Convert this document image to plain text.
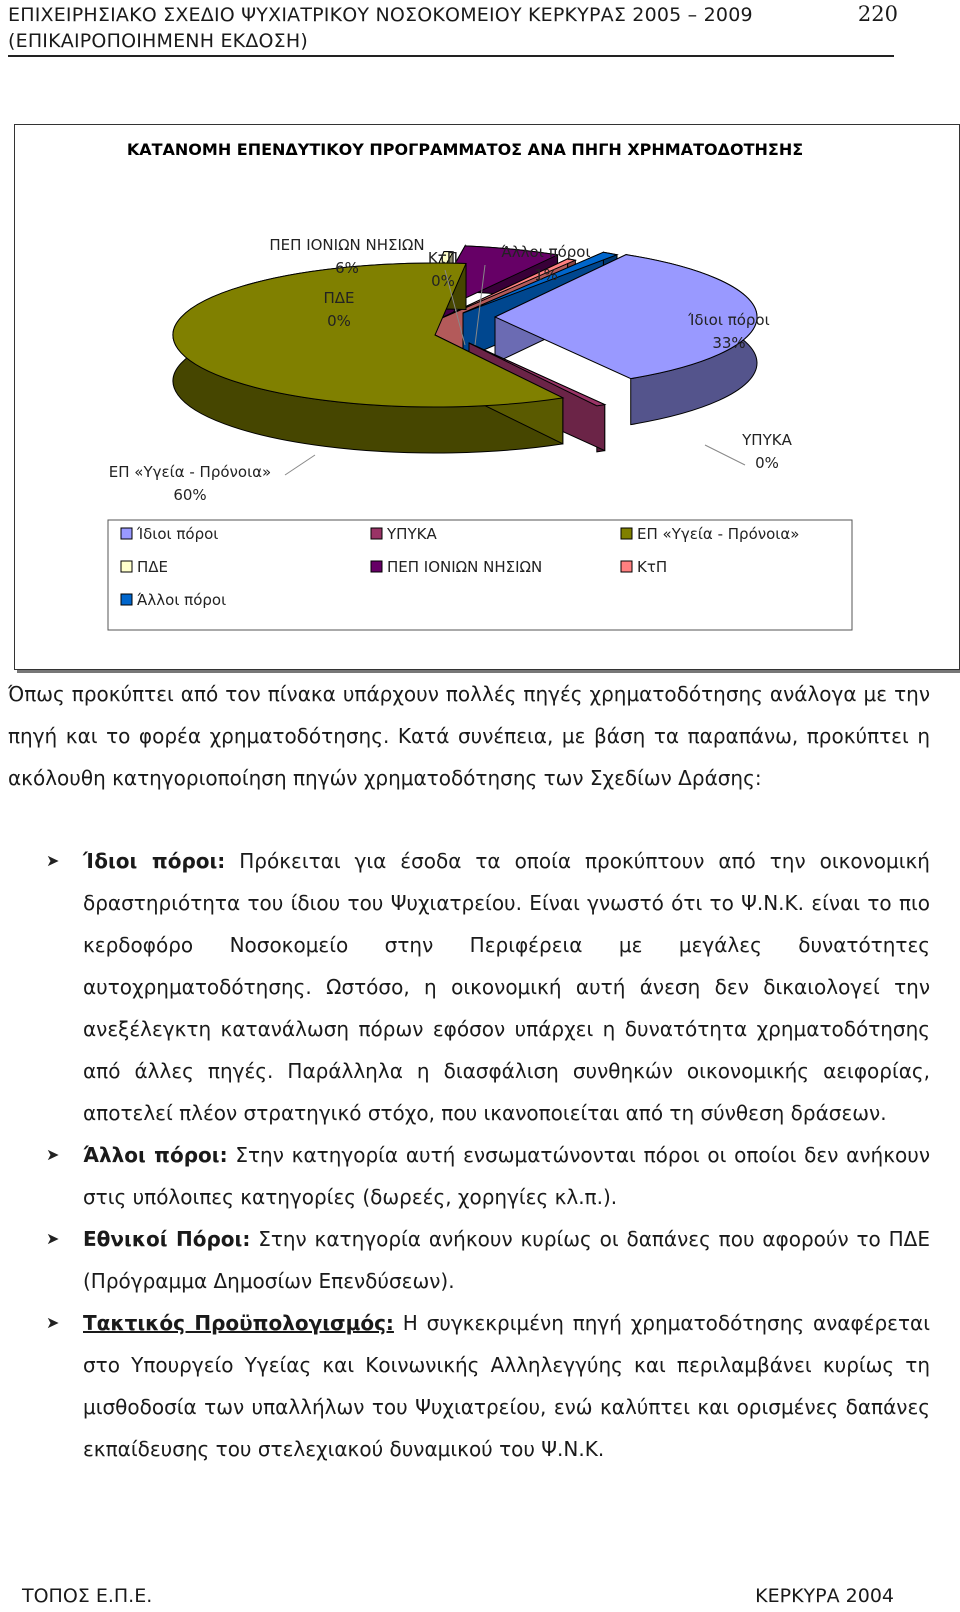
ΕΠΙΧΕΙΡΗΣΙΑΚΟ ΣΧΕΔΙΟ ΨΥΧΙΑΤΡΙΚΟΥ ΝΟΣΟΚΟΜΕΙΟΥ ΚΕΡΚΥΡΑΣ 2005 – 2009 (ΕΠΙΚΑΙΡΟΠΟΙΗΜΕΝΗ ΕΚΔΟΣΗ)
220
ΚΑΤΑΝΟΜΗ ΕΠΕΝΔΥΤΙΚΟΥ ΠΡΟΓΡΑΜΜΑΤΟΣ ΑΝΑ ΠΗΓΗ ΧΡΗΜΑΤΟΔΟΤΗΣΗΣ
Ίδιοι πόροι
33%
ΥΠΥΚΑ
0%
ΕΠ «Υγεία - Πρόνοια»
60%
ΠΔΕ
0%
ΠΕΠ ΙΟΝΙΩΝ ΝΗΣΙΩΝ
6%
ΚτΠ
0%
Άλλοι πόροι
1%
Ίδιοι πόροι	ΥΠΥΚΑ	ΕΠ «Υγεία - Πρόνοια»
ΠΔΕ	ΠΕΠ ΙΟΝΙΩΝ ΝΗΣΙΩΝ	ΚτΠ
Άλλοι πόροι
Όπως προκύπτει από τον πίνακα υπάρχουν πολλές πηγές χρηματοδότησης ανάλογα με την πηγή και το φορέα χρηματοδότησης. Κατά συνέπεια, με βάση τα παραπάνω, προκύπτει η ακόλουθη κατηγοριοποίηση πηγών χρηματοδότησης των Σχεδίων Δράσης:
➤ Ίδιοι πόροι: Πρόκειται για έσοδα τα οποία προκύπτουν από την οικονομική δραστηριότητα του ίδιου του Ψυχιατρείου. Είναι γνωστό ότι το Ψ.Ν.Κ. είναι το πιο κερδοφόρο Νοσοκομείο στην Περιφέρεια με μεγάλες δυνατότητες αυτοχρηματοδότησης. Ωστόσο, η οικονομική αυτή άνεση δεν δικαιολογεί την ανεξέλεγκτη κατανάλωση πόρων εφόσον υπάρχει η δυνατότητα χρηματοδότησης από άλλες πηγές. Παράλληλα η διασφάλιση συνθηκών οικονομικής αειφορίας, αποτελεί πλέον στρατηγικό στόχο, που ικανοποιείται από τη σύνθεση δράσεων.
➤ Άλλοι πόροι: Στην κατηγορία αυτή ενσωματώνονται πόροι οι οποίοι δεν ανήκουν στις υπόλοιπες κατηγορίες (δωρεές, χορηγίες κλ.π.).
➤ Εθνικοί Πόροι: Στην κατηγορία ανήκουν κυρίως οι δαπάνες που αφορούν το ΠΔΕ (Πρόγραμμα Δημοσίων Επενδύσεων).
➤ Τακτικός Προϋπολογισμός: Η συγκεκριμένη πηγή χρηματοδότησης αναφέρεται στο Υπουργείο Υγείας και Κοινωνικής Αλληλεγγύης και περιλαμβάνει κυρίως τη μισθοδοσία των υπαλλήλων του Ψυχιατρείου, ενώ καλύπτει και ορισμένες δαπάνες εκπαίδευσης του στελεχιακού δυναμικού του Ψ.Ν.Κ.
ΤΟΠΟΣ Ε.Π.Ε.	ΚΕΡΚΥΡΑ 2004
